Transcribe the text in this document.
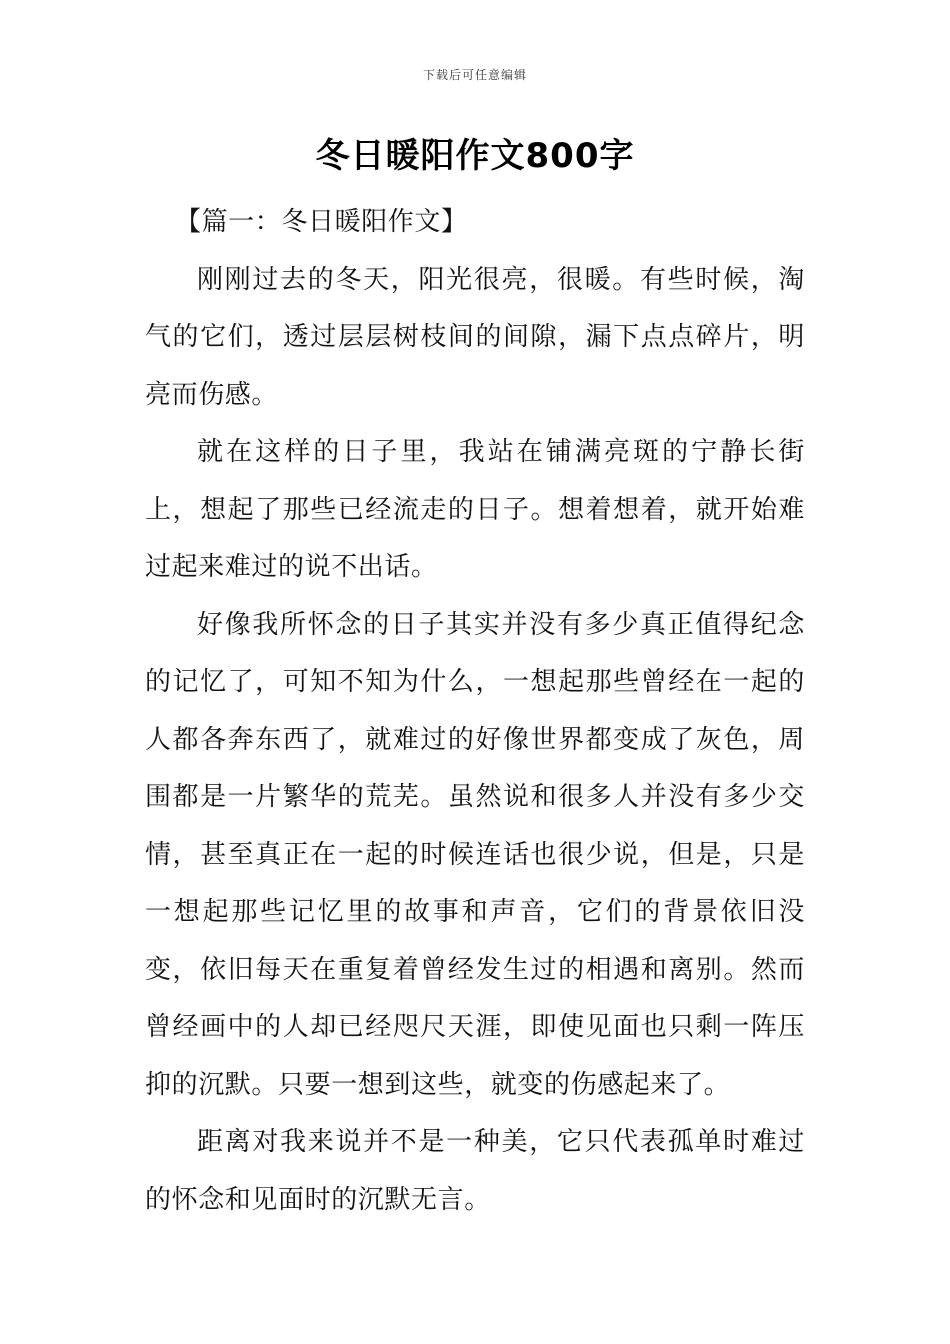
下载后可任意编辑
冬日暖阳作文800字

【篇一：冬日暖阳作文】

刚刚过去的冬天，阳光很亮，很暖。有些时候，淘气的它们，透过层层树枝间的间隙，漏下点点碎片，明亮而伤感。

就在这样的日子里，我站在铺满亮斑的宁静长街上，想起了那些已经流走的日子。想着想着，就开始难过起来难过的说不出话。

好像我所怀念的日子其实并没有多少真正值得纪念的记忆了，可知不知为什么，一想起那些曾经在一起的人都各奔东西了，就难过的好像世界都变成了灰色，周围都是一片繁华的荒芜。虽然说和很多人并没有多少交情，甚至真正在一起的时候连话也很少说，但是，只是一想起那些记忆里的故事和声音，它们的背景依旧没变，依旧每天在重复着曾经发生过的相遇和离别。然而曾经画中的人却已经咫尺天涯，即使见面也只剩一阵压抑的沉默。只要一想到这些，就变的伤感起来了。

距离对我来说并不是一种美，它只代表孤单时难过的怀念和见面时的沉默无言。
